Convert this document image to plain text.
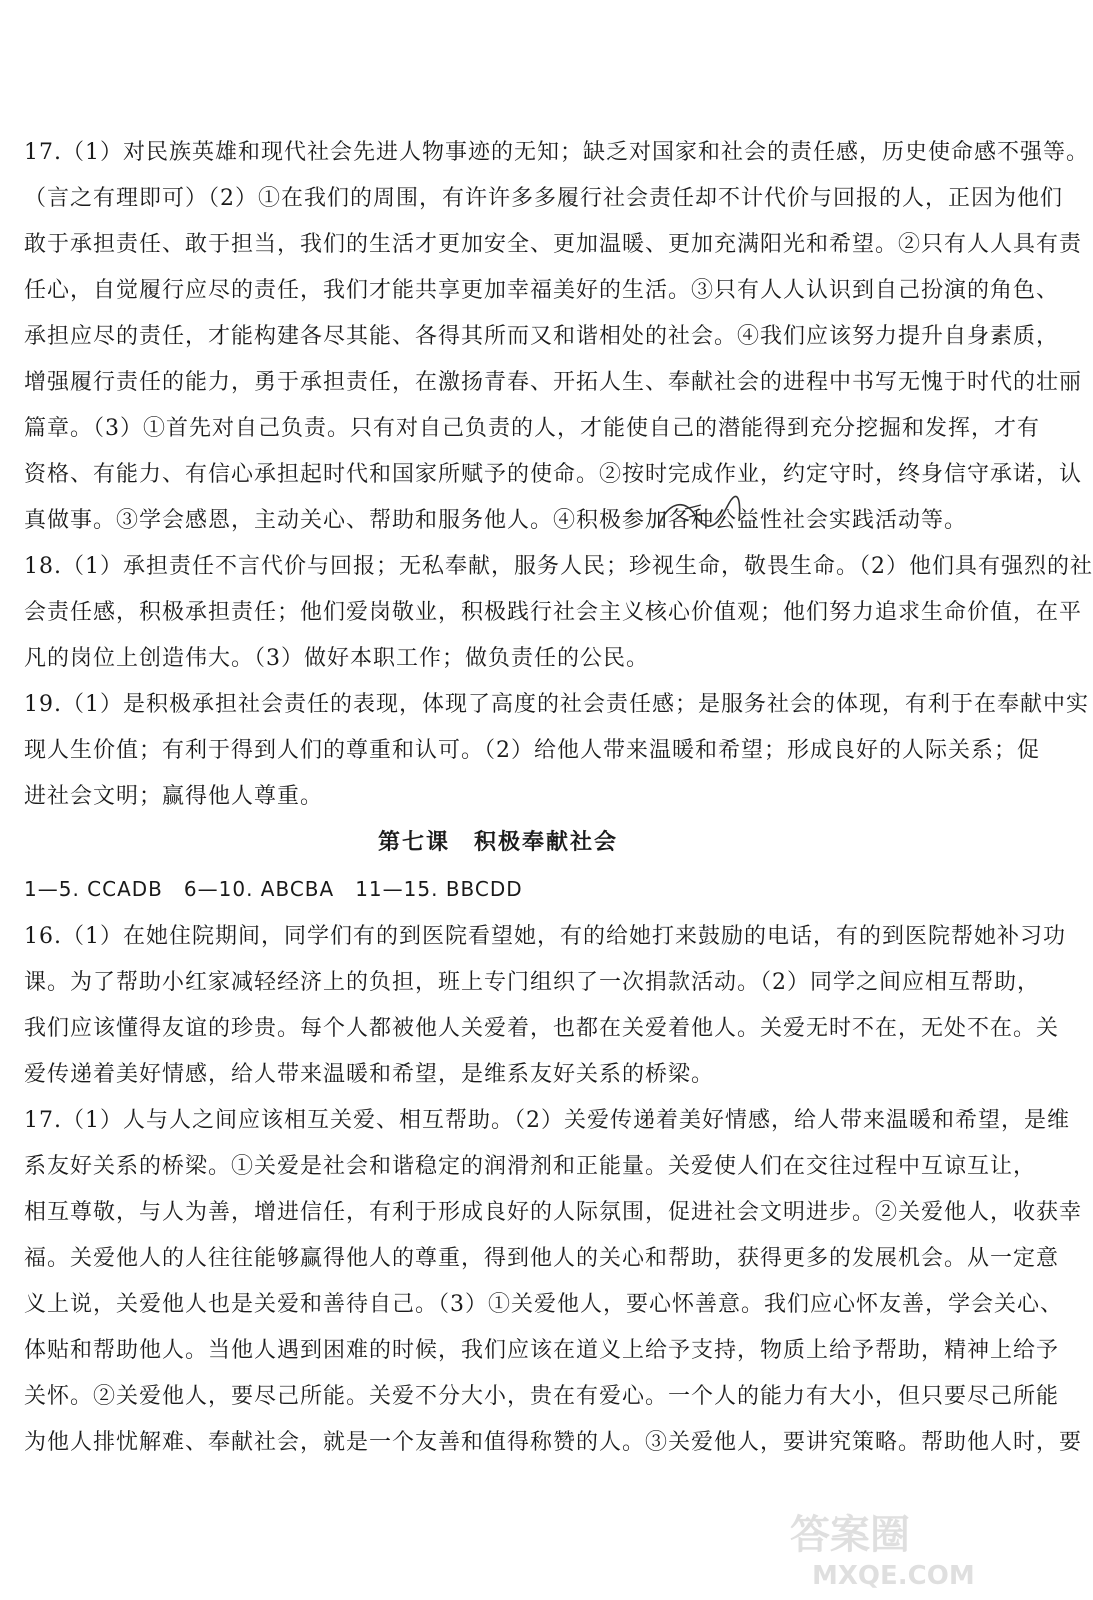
17.（1）对民族英雄和现代社会先进人物事迹的无知；缺乏对国家和社会的责任感，历史使命感不强等。
（言之有理即可）（2）①在我们的周围，有许许多多履行社会责任却不计代价与回报的人，正因为他们
敢于承担责任、敢于担当，我们的生活才更加安全、更加温暖、更加充满阳光和希望。②只有人人具有责
任心，自觉履行应尽的责任，我们才能共享更加幸福美好的生活。③只有人人认识到自己扮演的角色、
承担应尽的责任，才能构建各尽其能、各得其所而又和谐相处的社会。④我们应该努力提升自身素质，
增强履行责任的能力，勇于承担责任，在激扬青春、开拓人生、奉献社会的进程中书写无愧于时代的壮丽
篇章。（3）①首先对自己负责。只有对自己负责的人，才能使自己的潜能得到充分挖掘和发挥，才有
资格、有能力、有信心承担起时代和国家所赋予的使命。②按时完成作业，约定守时，终身信守承诺，认
真做事。③学会感恩，主动关心、帮助和服务他人。④积极参加各种公益性社会实践活动等。
18.（1）承担责任不言代价与回报；无私奉献，服务人民；珍视生命，敬畏生命。（2）他们具有强烈的社
会责任感，积极承担责任；他们爱岗敬业，积极践行社会主义核心价值观；他们努力追求生命价值，在平
凡的岗位上创造伟大。（3）做好本职工作；做负责任的公民。
19.（1）是积极承担社会责任的表现，体现了高度的社会责任感；是服务社会的体现，有利于在奉献中实
现人生价值；有利于得到人们的尊重和认可。（2）给他人带来温暖和希望；形成良好的人际关系；促
进社会文明；赢得他人尊重。
第七课　积极奉献社会
1—5. CCADB　6—10. ABCBA　11—15. BBCDD
16.（1）在她住院期间，同学们有的到医院看望她，有的给她打来鼓励的电话，有的到医院帮她补习功
课。为了帮助小红家减轻经济上的负担，班上专门组织了一次捐款活动。（2）同学之间应相互帮助，
我们应该懂得友谊的珍贵。每个人都被他人关爱着，也都在关爱着他人。关爱无时不在，无处不在。关
爱传递着美好情感，给人带来温暖和希望，是维系友好关系的桥梁。
17.（1）人与人之间应该相互关爱、相互帮助。（2）关爱传递着美好情感，给人带来温暖和希望，是维
系友好关系的桥梁。①关爱是社会和谐稳定的润滑剂和正能量。关爱使人们在交往过程中互谅互让，
相互尊敬，与人为善，增进信任，有利于形成良好的人际氛围，促进社会文明进步。②关爱他人，收获幸
福。关爱他人的人往往能够赢得他人的尊重，得到他人的关心和帮助，获得更多的发展机会。从一定意
义上说，关爱他人也是关爱和善待自己。（3）①关爱他人，要心怀善意。我们应心怀友善，学会关心、
体贴和帮助他人。当他人遇到困难的时候，我们应该在道义上给予支持，物质上给予帮助，精神上给予
关怀。②关爱他人，要尽己所能。关爱不分大小，贵在有爱心。一个人的能力有大小，但只要尽己所能
为他人排忧解难、奉献社会，就是一个友善和值得称赞的人。③关爱他人，要讲究策略。帮助他人时，要
答案圈
MXQE.COM
